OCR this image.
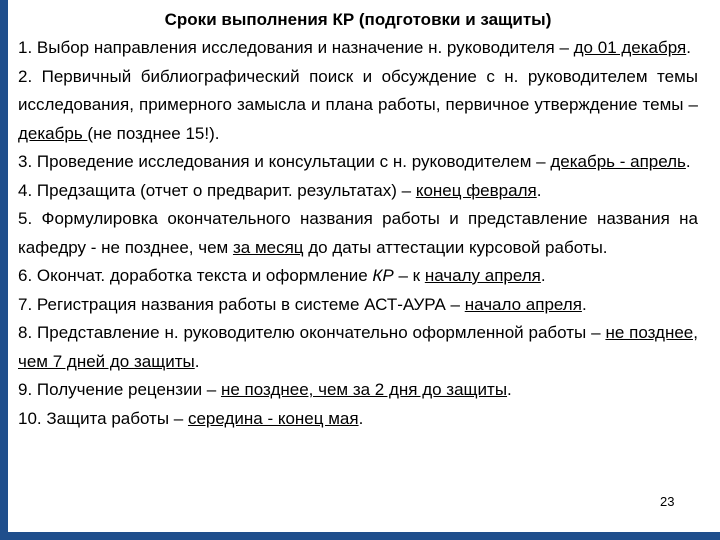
Сроки выполнения КР (подготовки и защиты)

1. Выбор направления исследования и назначение н. руководителя – до 01 декабря.

2. Первичный библиографический поиск и обсуждение с н. руководителем темы исследования, примерного замысла и плана работы, первичное утверждение темы – декабрь (не позднее 15!).

3. Проведение исследования и консультации с н. руководителем – декабрь - апрель.

4. Предзащита (отчет о предварит. результатах) – конец февраля.

5. Формулировка окончательного названия работы и представление названия на кафедру - не позднее, чем за месяц до даты аттестации курсовой работы.

6. Окончат. доработка текста и оформление КР – к началу апреля.

7. Регистрация названия работы в системе АСТ-АУРА – начало апреля.

8. Представление н. руководителю окончательно оформленной работы – не позднее, чем 7 дней до защиты.

9. Получение рецензии – не позднее, чем за 2 дня до защиты.

10. Защита работы – середина - конец мая.

23
